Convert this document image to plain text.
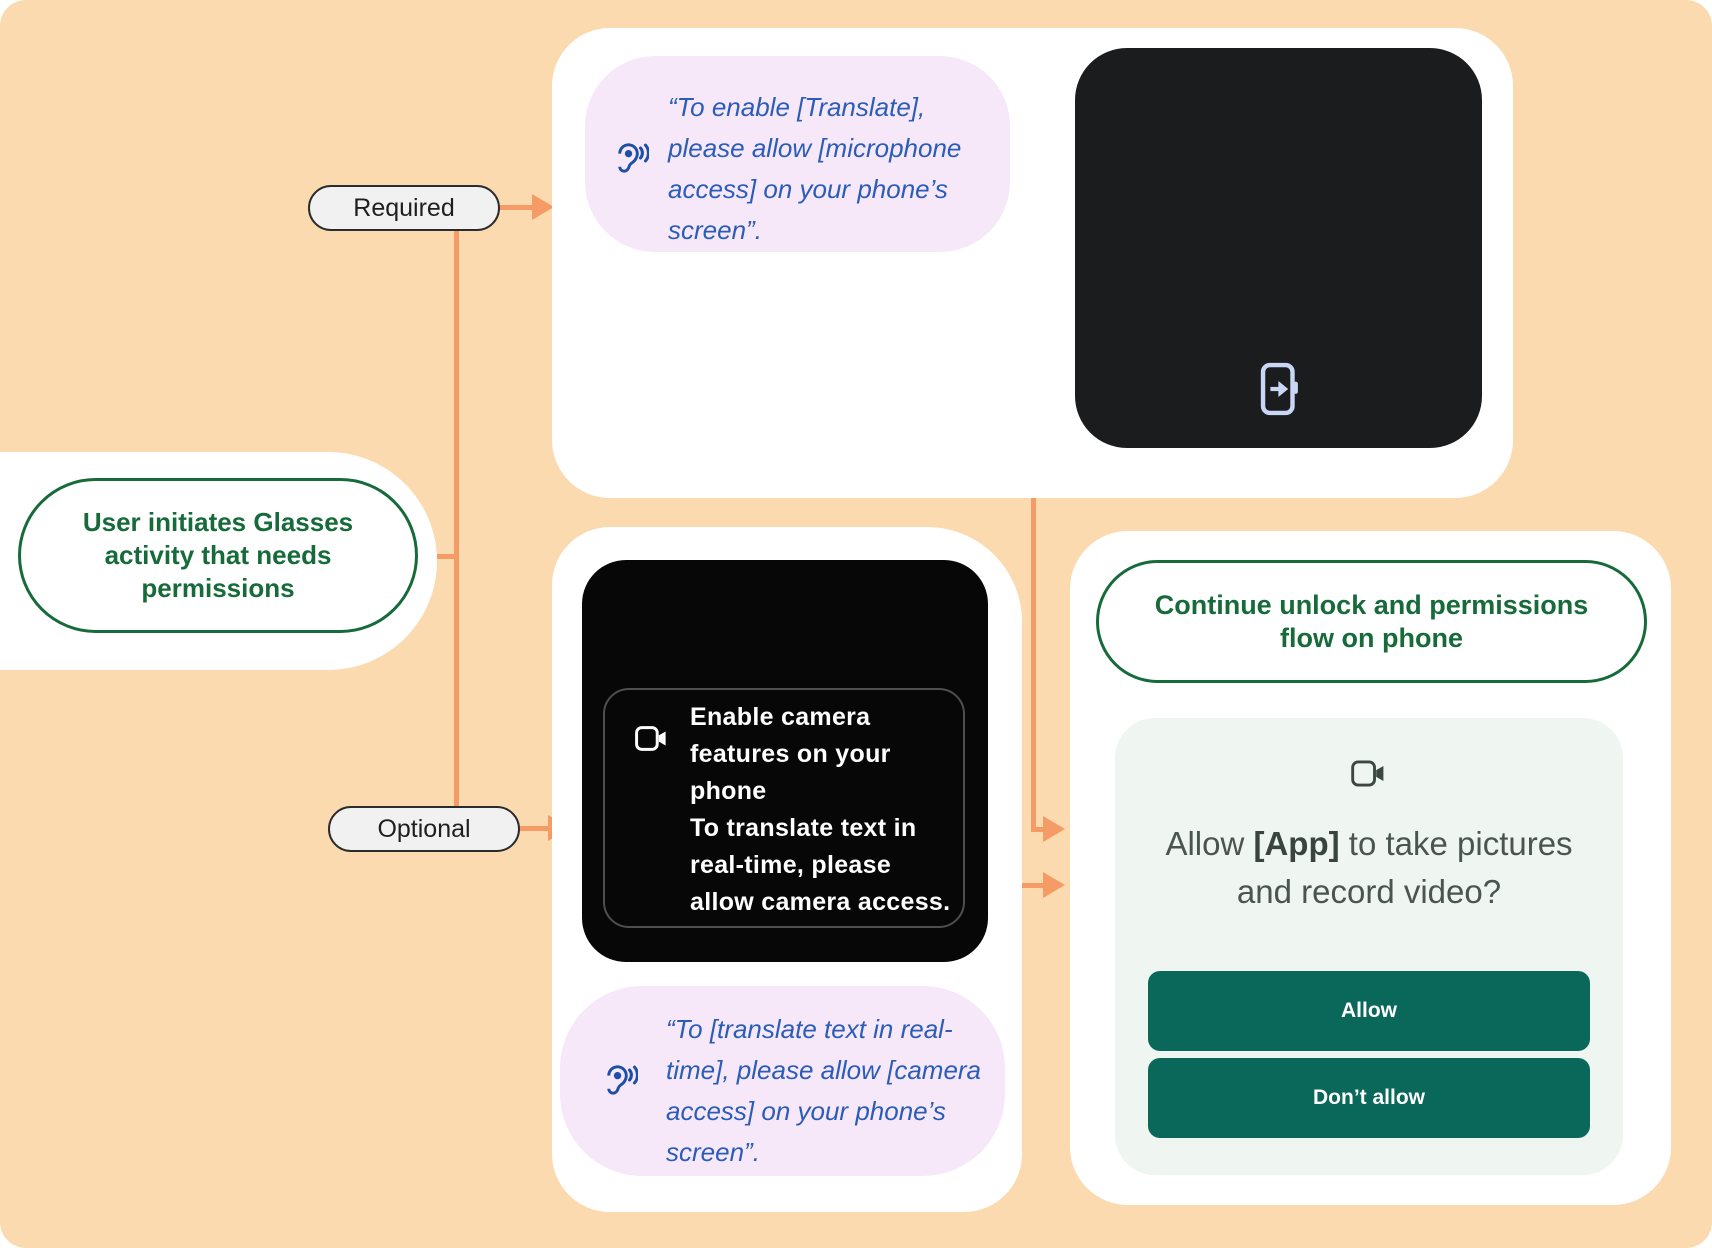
“To enable [Translate],
please allow [microphone
access] on your phone’s
screen”.
Enable camera
features on your
phone
To translate text in
real-time, please
allow camera access.
“To [translate text in real-
time], please allow [camera
access] on your phone’s
screen”.
Continue unlock and permissions flow on phone
Allow [App] to take pictures and record video?
Allow
Don’t allow
User initiates Glasses activity that needs permissions
Required
Optional
